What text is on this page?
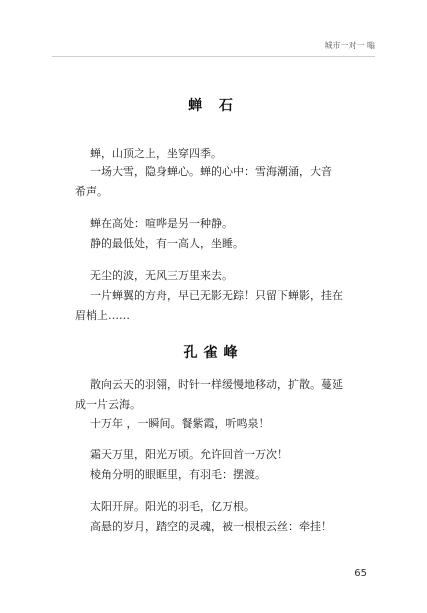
城市一对一 嗡
蝉 石
蝉，山顶之上，坐穿四季。
一场大雪，隐身蝉心。蝉的心中：雪海潮涌，大音
希声。
蝉在高处：喧哗是另一种静。
静的最低处，有一高人，坐睡。
无尘的波，无风三万里来去。
一片蝉翼的方舟，早已无影无踪！只留下蝉影，挂在
眉梢上……
孔雀峰
散向云天的羽翎，时针一样缓慢地移动，扩散。蔓延
成一片云海。
十万年 ，一瞬间。餐紫霞，听鸣泉！
霜天万里，阳光万顷。允许回首一万次！
棱角分明的眼眶里，有羽毛：摆渡。
太阳开屏。阳光的羽毛，亿万根。
高悬的岁月，踏空的灵魂，被一根根云丝：牵挂！
65
